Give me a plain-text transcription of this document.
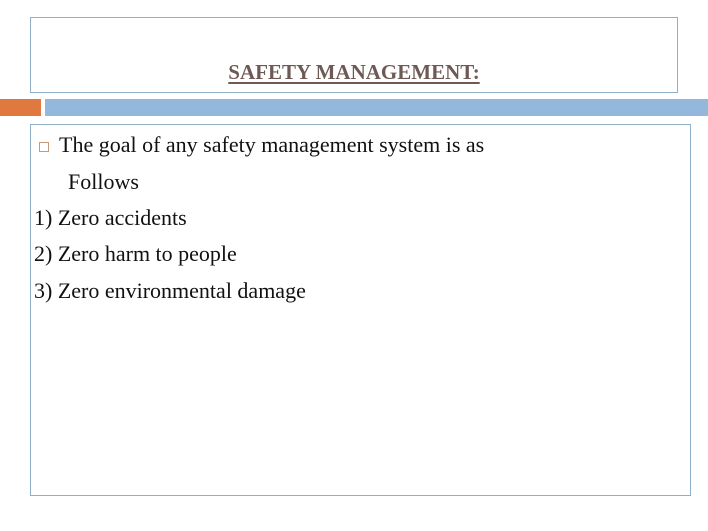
SAFETY MANAGEMENT:
The goal of any safety management system is as
Follows
1) Zero accidents
2) Zero harm to people
3) Zero environmental damage
